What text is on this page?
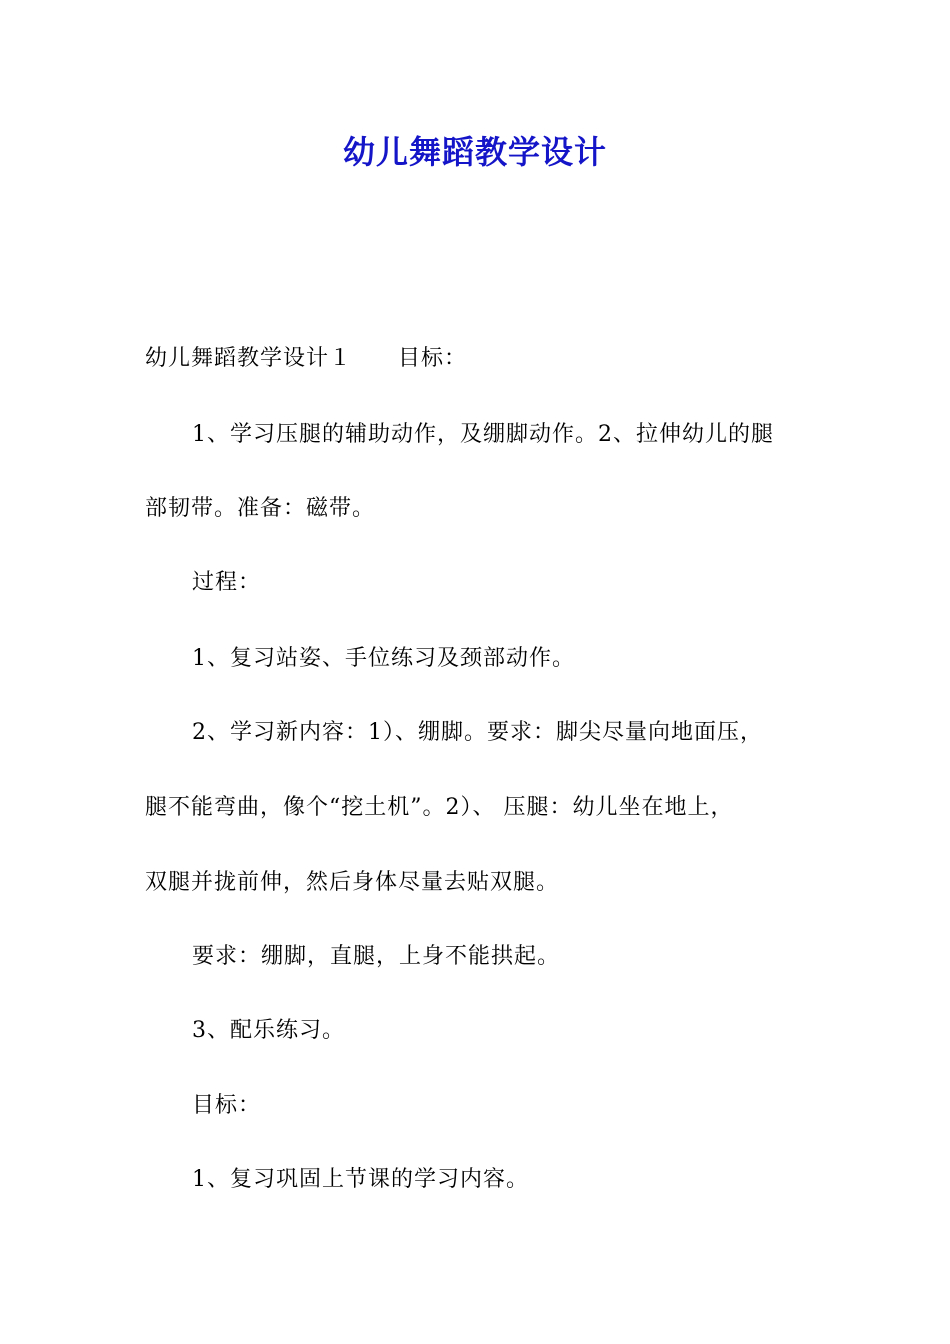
幼儿舞蹈教学设计
幼儿舞蹈教学设计１ 目标：
1、学习压腿的辅助动作，及绷脚动作。2、拉伸幼儿的腿
部韧带。准备：磁带。
过程：
1、复习站姿、手位练习及颈部动作。
2、学习新内容：1）、绷脚。要求：脚尖尽量向地面压，
腿不能弯曲，像个“挖土机”。2）、 压腿：幼儿坐在地上，
双腿并拢前伸，然后身体尽量去贴双腿。
要求：绷脚，直腿，上身不能拱起。
3、配乐练习。
目标：
1、复习巩固上节课的学习内容。
